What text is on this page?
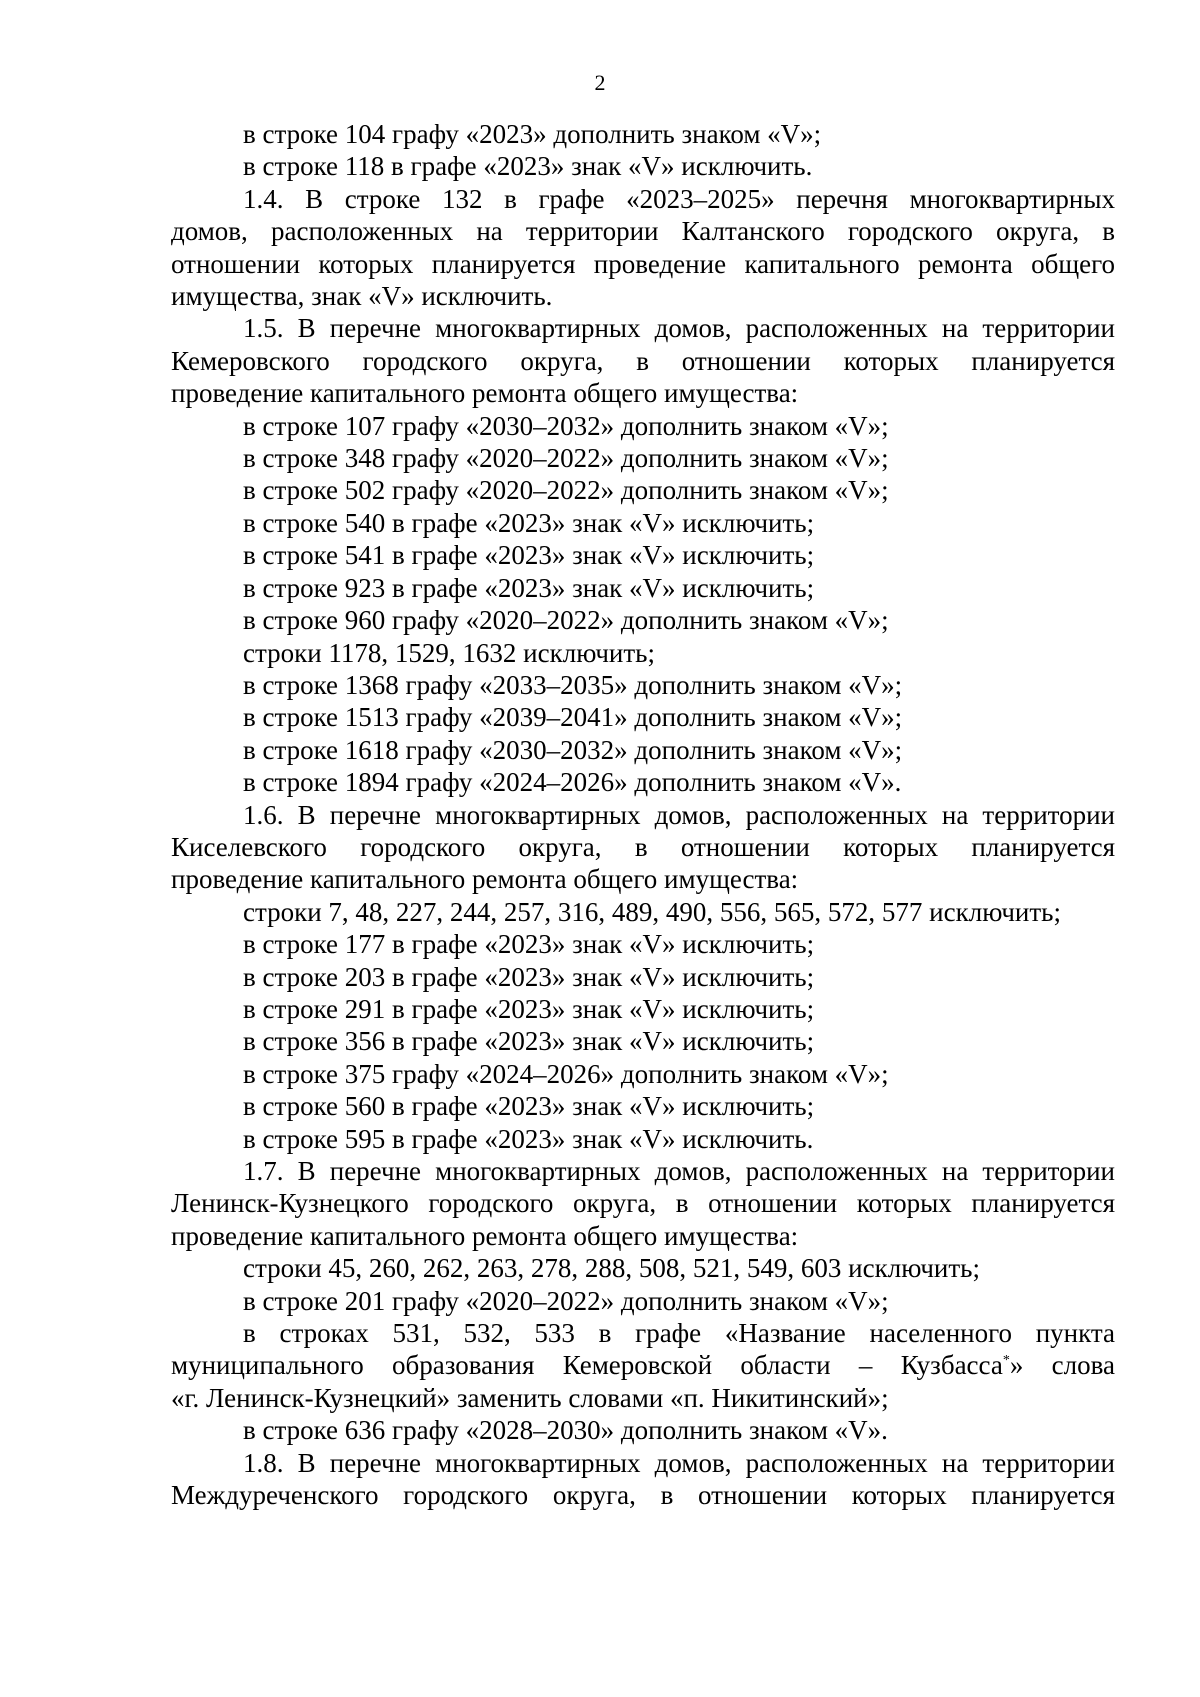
2
в строке 104 графу «2023» дополнить знаком «V»;
в строке 118 в графе «2023» знак «V» исключить.
1.4. В строке 132 в графе «2023–2025» перечня многоквартирных
домов, расположенных на территории Калтанского городского округа, в
отношении которых планируется проведение капитального ремонта общего
имущества, знак «V» исключить.
1.5. В перечне многоквартирных домов, расположенных на территории
Кемеровского городского округа, в отношении которых планируется
проведение капитального ремонта общего имущества:
в строке 107 графу «2030–2032» дополнить знаком «V»;
в строке 348 графу «2020–2022» дополнить знаком «V»;
в строке 502 графу «2020–2022» дополнить знаком «V»;
в строке 540 в графе «2023» знак «V» исключить;
в строке 541 в графе «2023» знак «V» исключить;
в строке 923 в графе «2023» знак «V» исключить;
в строке 960 графу «2020–2022» дополнить знаком «V»;
строки 1178, 1529, 1632 исключить;
в строке 1368 графу «2033–2035» дополнить знаком «V»;
в строке 1513 графу «2039–2041» дополнить знаком «V»;
в строке 1618 графу «2030–2032» дополнить знаком «V»;
в строке 1894 графу «2024–2026» дополнить знаком «V».
1.6. В перечне многоквартирных домов, расположенных на территории
Киселевского городского округа, в отношении которых планируется
проведение капитального ремонта общего имущества:
строки 7, 48, 227, 244, 257, 316, 489, 490, 556, 565, 572, 577 исключить;
в строке 177 в графе «2023» знак «V» исключить;
в строке 203 в графе «2023» знак «V» исключить;
в строке 291 в графе «2023» знак «V» исключить;
в строке 356 в графе «2023» знак «V» исключить;
в строке 375 графу «2024–2026» дополнить знаком «V»;
в строке 560 в графе «2023» знак «V» исключить;
в строке 595 в графе «2023» знак «V» исключить.
1.7. В перечне многоквартирных домов, расположенных на территории
Ленинск-Кузнецкого городского округа, в отношении которых планируется
проведение капитального ремонта общего имущества:
строки 45, 260, 262, 263, 278, 288, 508, 521, 549, 603 исключить;
в строке 201 графу «2020–2022» дополнить знаком «V»;
в строках 531, 532, 533 в графе «Название населенного пункта
муниципального образования Кемеровской области – Кузбасса*» слова
«г. Ленинск-Кузнецкий» заменить словами «п. Никитинский»;
в строке 636 графу «2028–2030» дополнить знаком «V».
1.8. В перечне многоквартирных домов, расположенных на территории
Междуреченского городского округа, в отношении которых планируется
